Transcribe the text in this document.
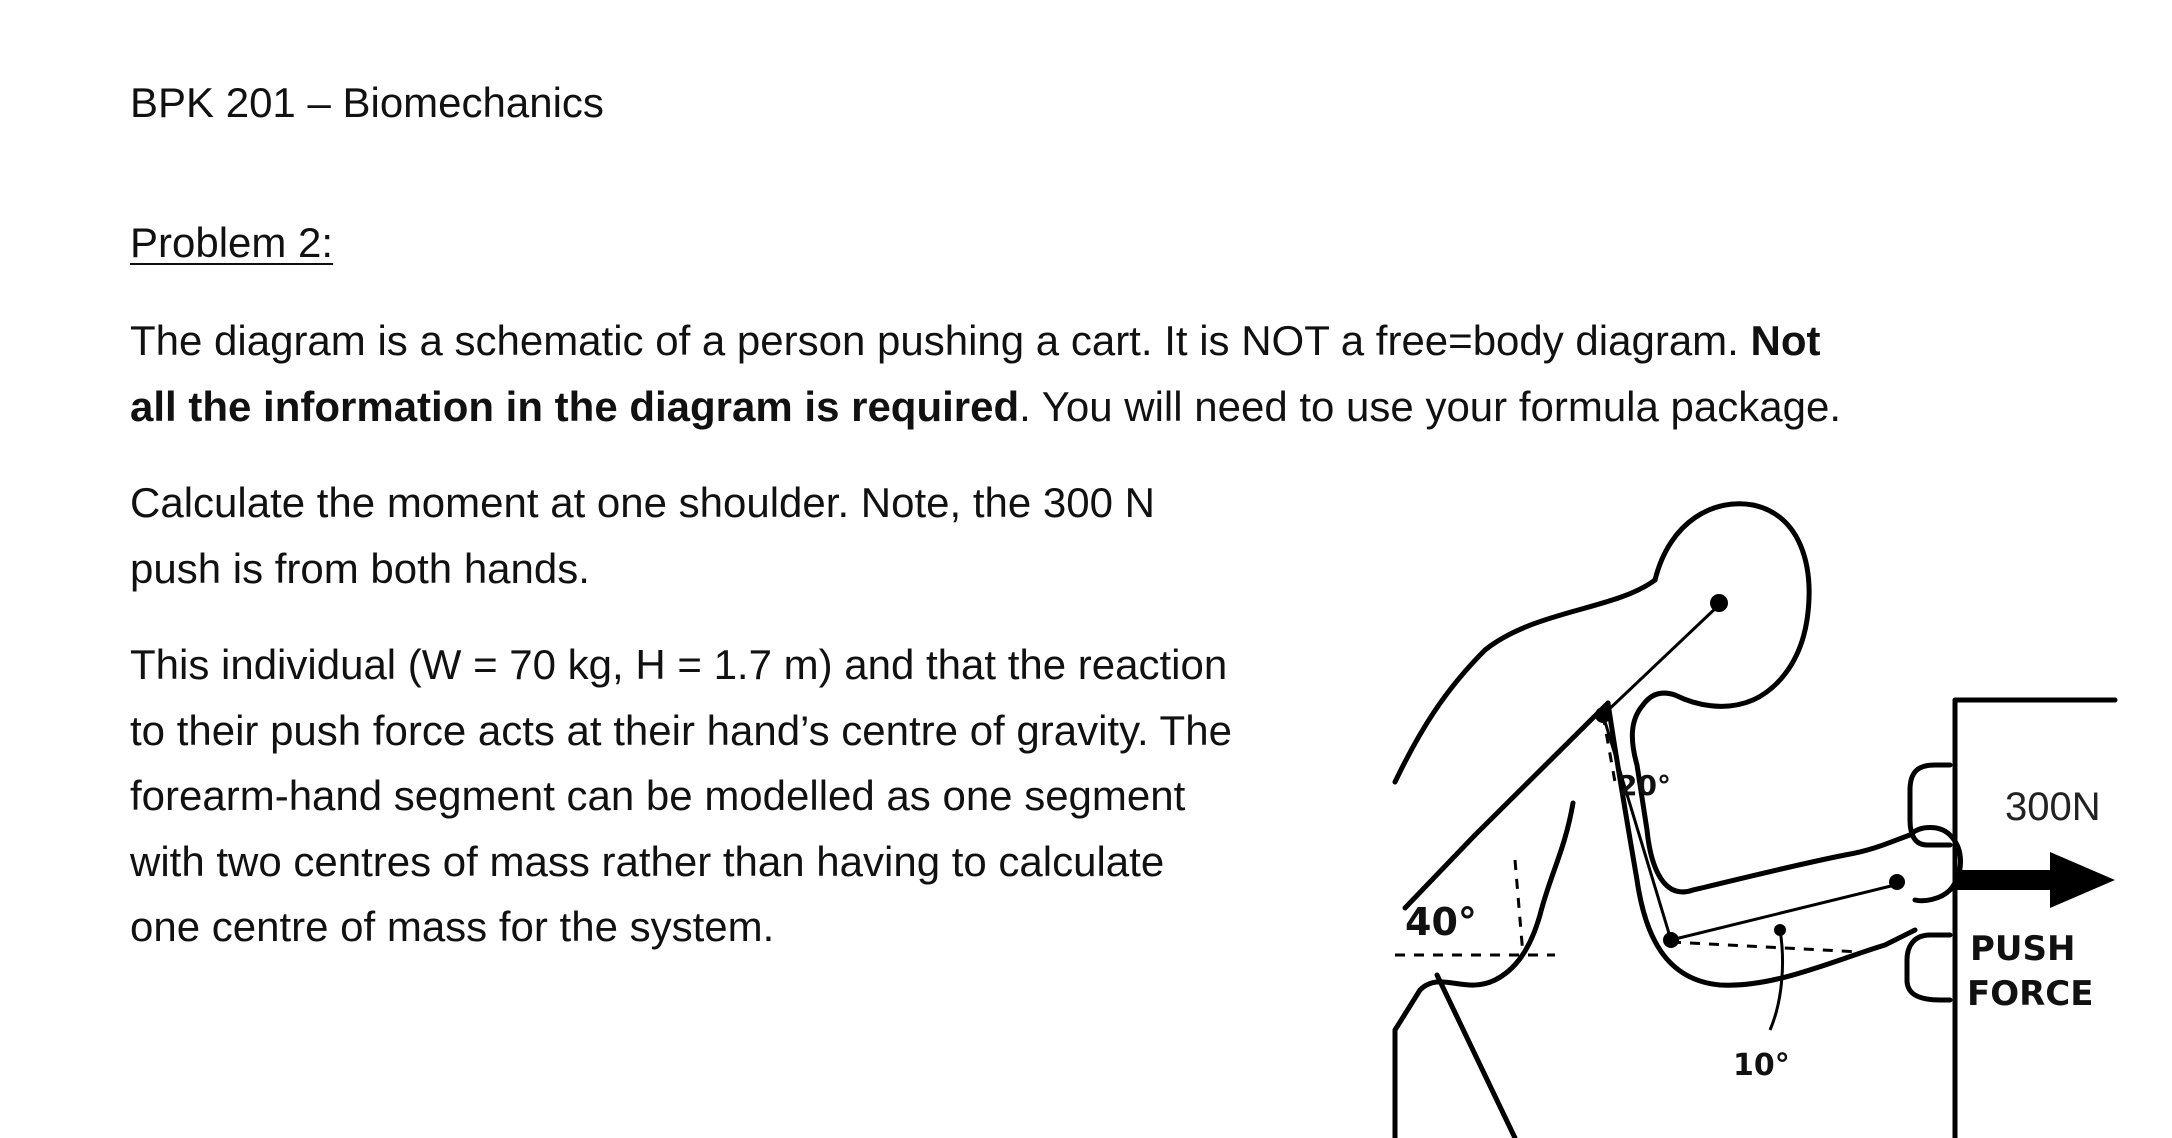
BPK 201 – Biomechanics
Problem 2:
The diagram is a schematic of a person pushing a cart. It is NOT a free=body diagram. Not
all the information in the diagram is required. You will need to use your formula package.
Calculate the moment at one shoulder. Note, the 300 N
push is from both hands.
This individual (W = 70 kg, H = 1.7 m) and that the reaction
to their push force acts at their hand’s centre of gravity. The
forearm-hand segment can be modelled as one segment
with two centres of mass rather than having to calculate
one centre of mass for the system.
300N
PUSH
FORCE
40°
20°
10°
